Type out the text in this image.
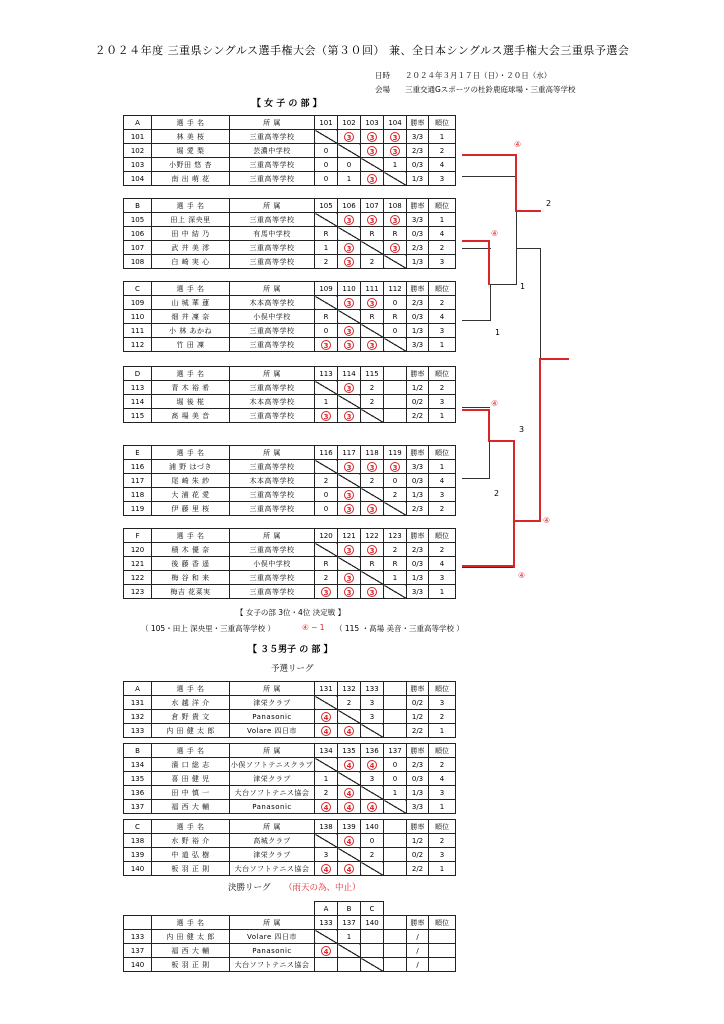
２０２４年度 三重県シングルス選手権大会（第３０回） 兼、全日本シングルス選手権大会三重県予選会
日時 ２０２４年３月１７日（日）・２０日（水）
会場 三重交通Gスポーツの杜鈴鹿庭球場・三重高等学校
【 女 子 の 部 】
A	選 手 名	所 属	101	102	103	104	勝率	順位
101	林 美 桜	三重高等学校		3	3	3	3/3	1
102	堀 愛 梨	芸濃中学校	0		3	3	2/3	2
103	小野田 悠 杏	三重高等学校	0	0		1	0/3	4
104	南 出 萌 花	三重高等学校	0	1	3		1/3	3
B	選 手 名	所 属	105	106	107	108	勝率	順位
105	田上 深央里	三重高等学校		3	3	3	3/3	1
106	田 中 結 乃	有馬中学校	R		R	R	0/3	4
107	武 井 美 澪	三重高等学校	1	3		3	2/3	2
108	白 崎 実 心	三重高等学校	2	3	2		1/3	3
C	選 手 名	所 属	109	110	111	112	勝率	順位
109	山 城 華 蓮	木本高等学校		3	3	0	2/3	2
110	畑 井 凜 奈	小俣中学校	R		R	R	0/3	4
111	小 林 あかね	三重高等学校	0	3		0	1/3	3
112	竹 田 凜	三重高等学校	3	3	3		3/3	1
D	選 手 名	所 属	113	114	115		勝率	順位
113	青 木 裕 希	三重高等学校		3	2		1/2	2
114	堀 後 椛	木本高等学校	1		2		0/2	3
115	髙 場 美 音	三重高等学校	3	3			2/2	1
E	選 手 名	所 属	116	117	118	119	勝率	順位
116	浦 野 はづき	三重高等学校		3	3	3	3/3	1
117	尾 崎 朱 紗	木本高等学校	2		2	0	0/3	4
118	大 浦 花 愛	三重高等学校	0	3		2	1/3	3
119	伊 藤 里 桜	三重高等学校	0	3	3		2/3	2
F	選 手 名	所 属	120	121	122	123	勝率	順位
120	積 木 優 奈	三重高等学校		3	3	2	2/3	2
121	後 藤 香 遥	小俣中学校	R		R	R	0/3	4
122	梅 谷 和 来	三重高等学校	2	3		1	1/3	3
123	梅吉 花菜実	三重高等学校	3	3	3		3/3	1
A	選 手 名	所 属	131	132	133		勝率	順位
131	水 越 洋 介	津栄クラブ		2	3		0/2	3
132	倉 野 貴 文	Panasonic	4		3		1/2	2
133	内 田 健 太 郎	Volare 四日市	4	4			2/2	1
B	選 手 名	所 属	134	135	136	137	勝率	順位
134	濱 口 総 志	小俣ソフトテニスクラブ		4	4	0	2/3	2
135	喜 田 健 児	津栄クラブ	1		3	0	0/3	4
136	田 中 慎 一	大台ソフトテニス協会	2	4		1	1/3	3
137	福 西 大 輔	Panasonic	4	4	4		3/3	1
C	選 手 名	所 属	138	139	140		勝率	順位
138	水 野 裕 介	高城クラブ		4	0		1/2	2
139	中 道 弘 樹	津栄クラブ	3		2		0/2	3
140	板 羽 正 則	大台ソフトテニス協会	4	4			2/2	1
			A	B	C			
	選 手 名	所 属	133	137	140		勝率	順位
133	内 田 健 太 郎	Volare 四日市		1			/	
137	福 西 大 輔	Panasonic	4				/	
140	板 羽 正 則	大台ソフトテニス協会					/	
【 女子の部 3位・4位 決定戦 】
（ 105・田上 深央里・三重高等学校 ）	④ − 1 （ 115 ・髙場 美音・三重高等学校 ）
【 ３５男子 の 部 】
予選リーグ
決勝リーグ （雨天の為、中止）
④
2
④
1
1
④
3
2
④
④
